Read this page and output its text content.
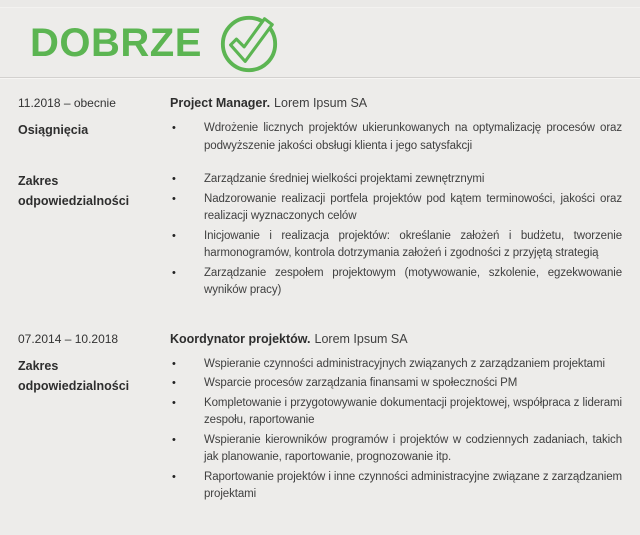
DOBRZE
11.2018 – obecnie	Project Manager. Lorem Ipsum SA
Osiągnięcia	•	Wdrożenie licznych projektów ukierunkowanych na optymalizację procesów oraz podwyższenie jakości obsługi klienta i jego satysfakcji
Zakres odpowiedzialności
•	Zarządzanie średniej wielkości projektami zewnętrznymi
•	Nadzorowanie realizacji portfela projektów pod kątem terminowości, jakości oraz realizacji wyznaczonych celów
•	Inicjowanie i realizacja projektów: określanie założeń i budżetu, tworzenie harmonogramów, kontrola dotrzymania założeń i zgodności z przyjętą strategią
•	Zarządzanie zespołem projektowym (motywowanie, szkolenie, egzekwowanie wyników pracy)
07.2014 – 10.2018	Koordynator projektów. Lorem Ipsum SA
Zakres odpowiedzialności
•	Wspieranie czynności administracyjnych związanych z zarządzaniem projektami
•	Wsparcie procesów zarządzania finansami w społeczności PM
•	Kompletowanie i przygotowywanie dokumentacji projektowej, współpraca z liderami zespołu, raportowanie
•	Wspieranie kierowników programów i projektów w codziennych zadaniach, takich jak planowanie, raportowanie, prognozowanie itp.
•	Raportowanie projektów i inne czynności administracyjne związane z zarządzaniem projektami
